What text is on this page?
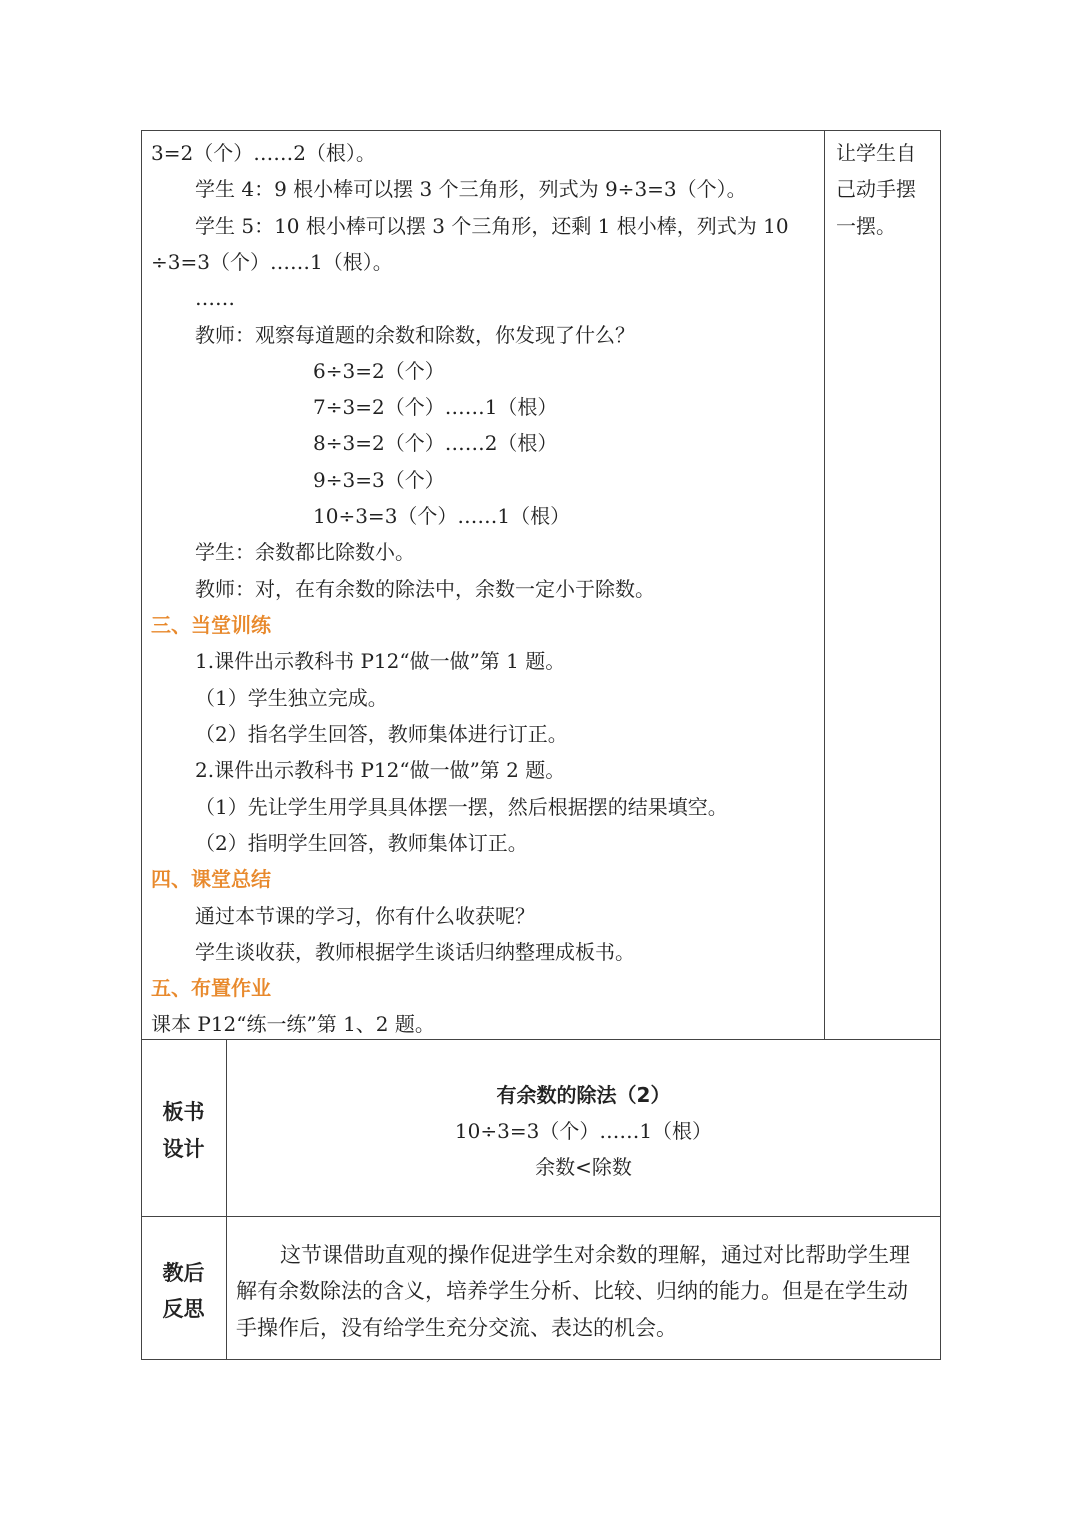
3=2（个）……2（根）。
学生 4：9 根小棒可以摆 3 个三角形，列式为 9÷3=3（个）。
学生 5：10 根小棒可以摆 3 个三角形，还剩 1 根小棒，列式为 10
÷3=3（个）……1（根）。
……
教师：观察每道题的余数和除数，你发现了什么？
6÷3=2（个）
7÷3=2（个）……1（根）
8÷3=2（个）……2（根）
9÷3=3（个）
10÷3=3（个）……1（根）
学生：余数都比除数小。
教师：对，在有余数的除法中，余数一定小于除数。
三、当堂训练
1.课件出示教科书 P12“做一做”第 1 题。
（1）学生独立完成。
（2）指名学生回答，教师集体进行订正。
2.课件出示教科书 P12“做一做”第 2 题。
（1）先让学生用学具具体摆一摆，然后根据摆的结果填空。
（2）指明学生回答，教师集体订正。
四、课堂总结
通过本节课的学习，你有什么收获呢？
学生谈收获，教师根据学生谈话归纳整理成板书。
五、布置作业
课本 P12“练一练”第 1、2 题。
让学生自
己动手摆
一摆。
板书
设计
有余数的除法（2）
10÷3=3（个）……1（根）
余数<除数
教后
反思
这节课借助直观的操作促进学生对余数的理解，通过对比帮助学生理
解有余数除法的含义，培养学生分析、比较、归纳的能力。但是在学生动
手操作后，没有给学生充分交流、表达的机会。
